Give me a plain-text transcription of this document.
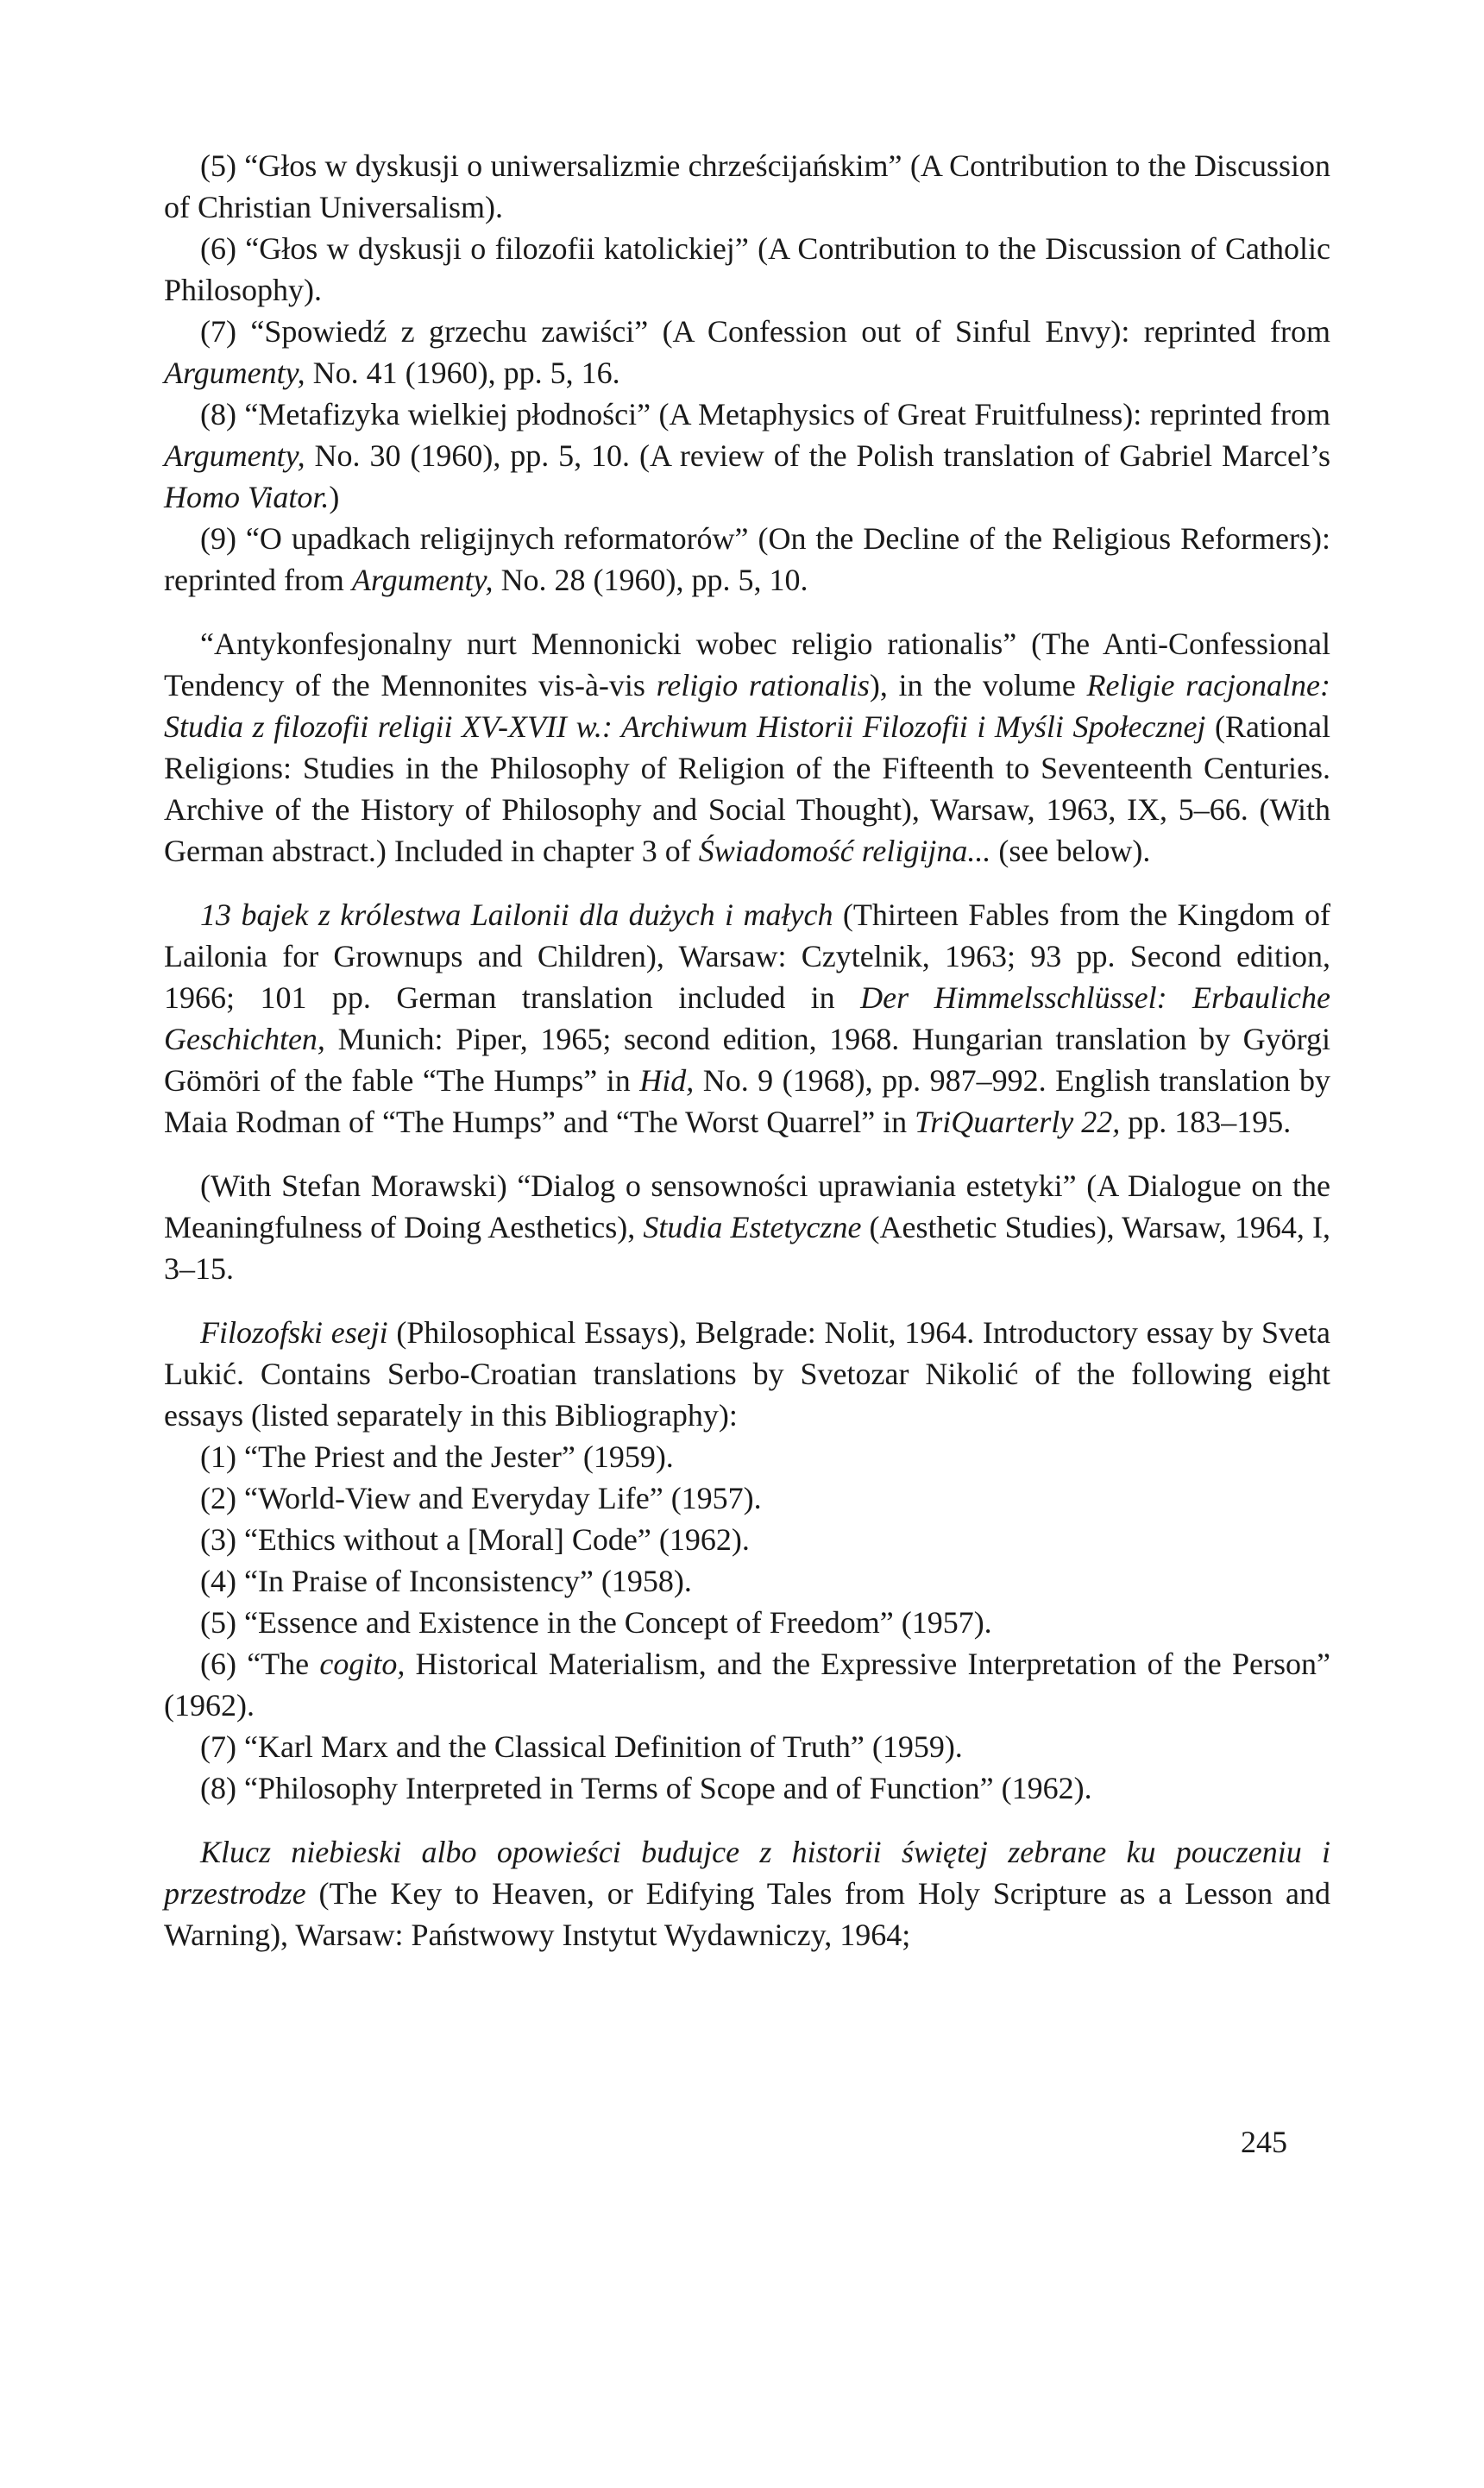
(5) “Głos w dyskusji o uniwersalizmie chrześcijańskim” (A Contribution to the Discussion of Christian Universalism).

(6) “Głos w dyskusji o filozofii katolickiej” (A Contribution to the Discussion of Catholic Philosophy).

(7) “Spowiedź z grzechu zawiści” (A Confession out of Sinful Envy): reprinted from Argumenty, No. 41 (1960), pp. 5, 16.

(8) “Metafizyka wielkiej płodności” (A Metaphysics of Great Fruitfulness): reprinted from Argumenty, No. 30 (1960), pp. 5, 10. (A review of the Polish translation of Gabriel Marcel’s Homo Viator.)

(9) “O upadkach religijnych reformatorów” (On the Decline of the Religious Reformers): reprinted from Argumenty, No. 28 (1960), pp. 5, 10.

“Antykonfesjonalny nurt Mennonicki wobec religio rationalis” (The Anti-Confessional Tendency of the Mennonites vis-à-vis religio rationalis), in the volume Religie racjonalne: Studia z filozofii religii XV-XVII w.: Archiwum Historii Filozofii i Myśli Społecznej (Rational Religions: Studies in the Philosophy of Religion of the Fifteenth to Seventeenth Centuries. Archive of the History of Philosophy and Social Thought), Warsaw, 1963, IX, 5–66. (With German abstract.) Included in chapter 3 of Świadomość religijna... (see below).

13 bajek z królestwa Lailonii dla dużych i małych (Thirteen Fables from the Kingdom of Lailonia for Grownups and Children), Warsaw: Czytelnik, 1963; 93 pp. Second edition, 1966; 101 pp. German translation included in Der Himmelsschlüssel: Erbauliche Geschichten, Munich: Piper, 1965; second edition, 1968. Hungarian translation by Györgi Gömöri of the fable “The Humps” in Hid, No. 9 (1968), pp. 987–992. English translation by Maia Rodman of “The Humps” and “The Worst Quarrel” in TriQuarterly 22, pp. 183–195.

(With Stefan Morawski) “Dialog o sensowności uprawiania estetyki” (A Dialogue on the Meaningfulness of Doing Aesthetics), Studia Estetyczne (Aesthetic Studies), Warsaw, 1964, I, 3–15.

Filozofski eseji (Philosophical Essays), Belgrade: Nolit, 1964. Introductory essay by Sveta Lukić. Contains Serbo-Croatian translations by Svetozar Nikolić of the following eight essays (listed separately in this Bibliography):

(1) “The Priest and the Jester” (1959).

(2) “World-View and Everyday Life” (1957).

(3) “Ethics without a [Moral] Code” (1962).

(4) “In Praise of Inconsistency” (1958).

(5) “Essence and Existence in the Concept of Freedom” (1957).

(6) “The cogito, Historical Materialism, and the Expressive Interpretation of the Person” (1962).

(7) “Karl Marx and the Classical Definition of Truth” (1959).

(8) “Philosophy Interpreted in Terms of Scope and of Function” (1962).

Klucz niebieski albo opowieści budujce z historii świętej zebrane ku pouczeniu i przestrodze (The Key to Heaven, or Edifying Tales from Holy Scripture as a Lesson and Warning), Warsaw: Państwowy Instytut Wydawniczy, 1964;

245
